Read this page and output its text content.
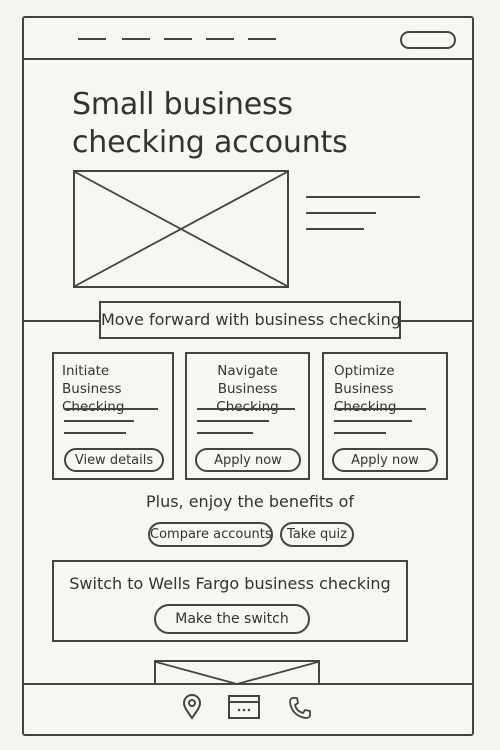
Small business
checking accounts
Move forward with business checking
Initiate Business
Checking
View details
Navigate Business
Checking
Apply now
Optimize Business
Checking
Apply now
Plus, enjoy the benefits of
Compare accounts	Take quiz
Switch to Wells Fargo business checking
Make the switch
